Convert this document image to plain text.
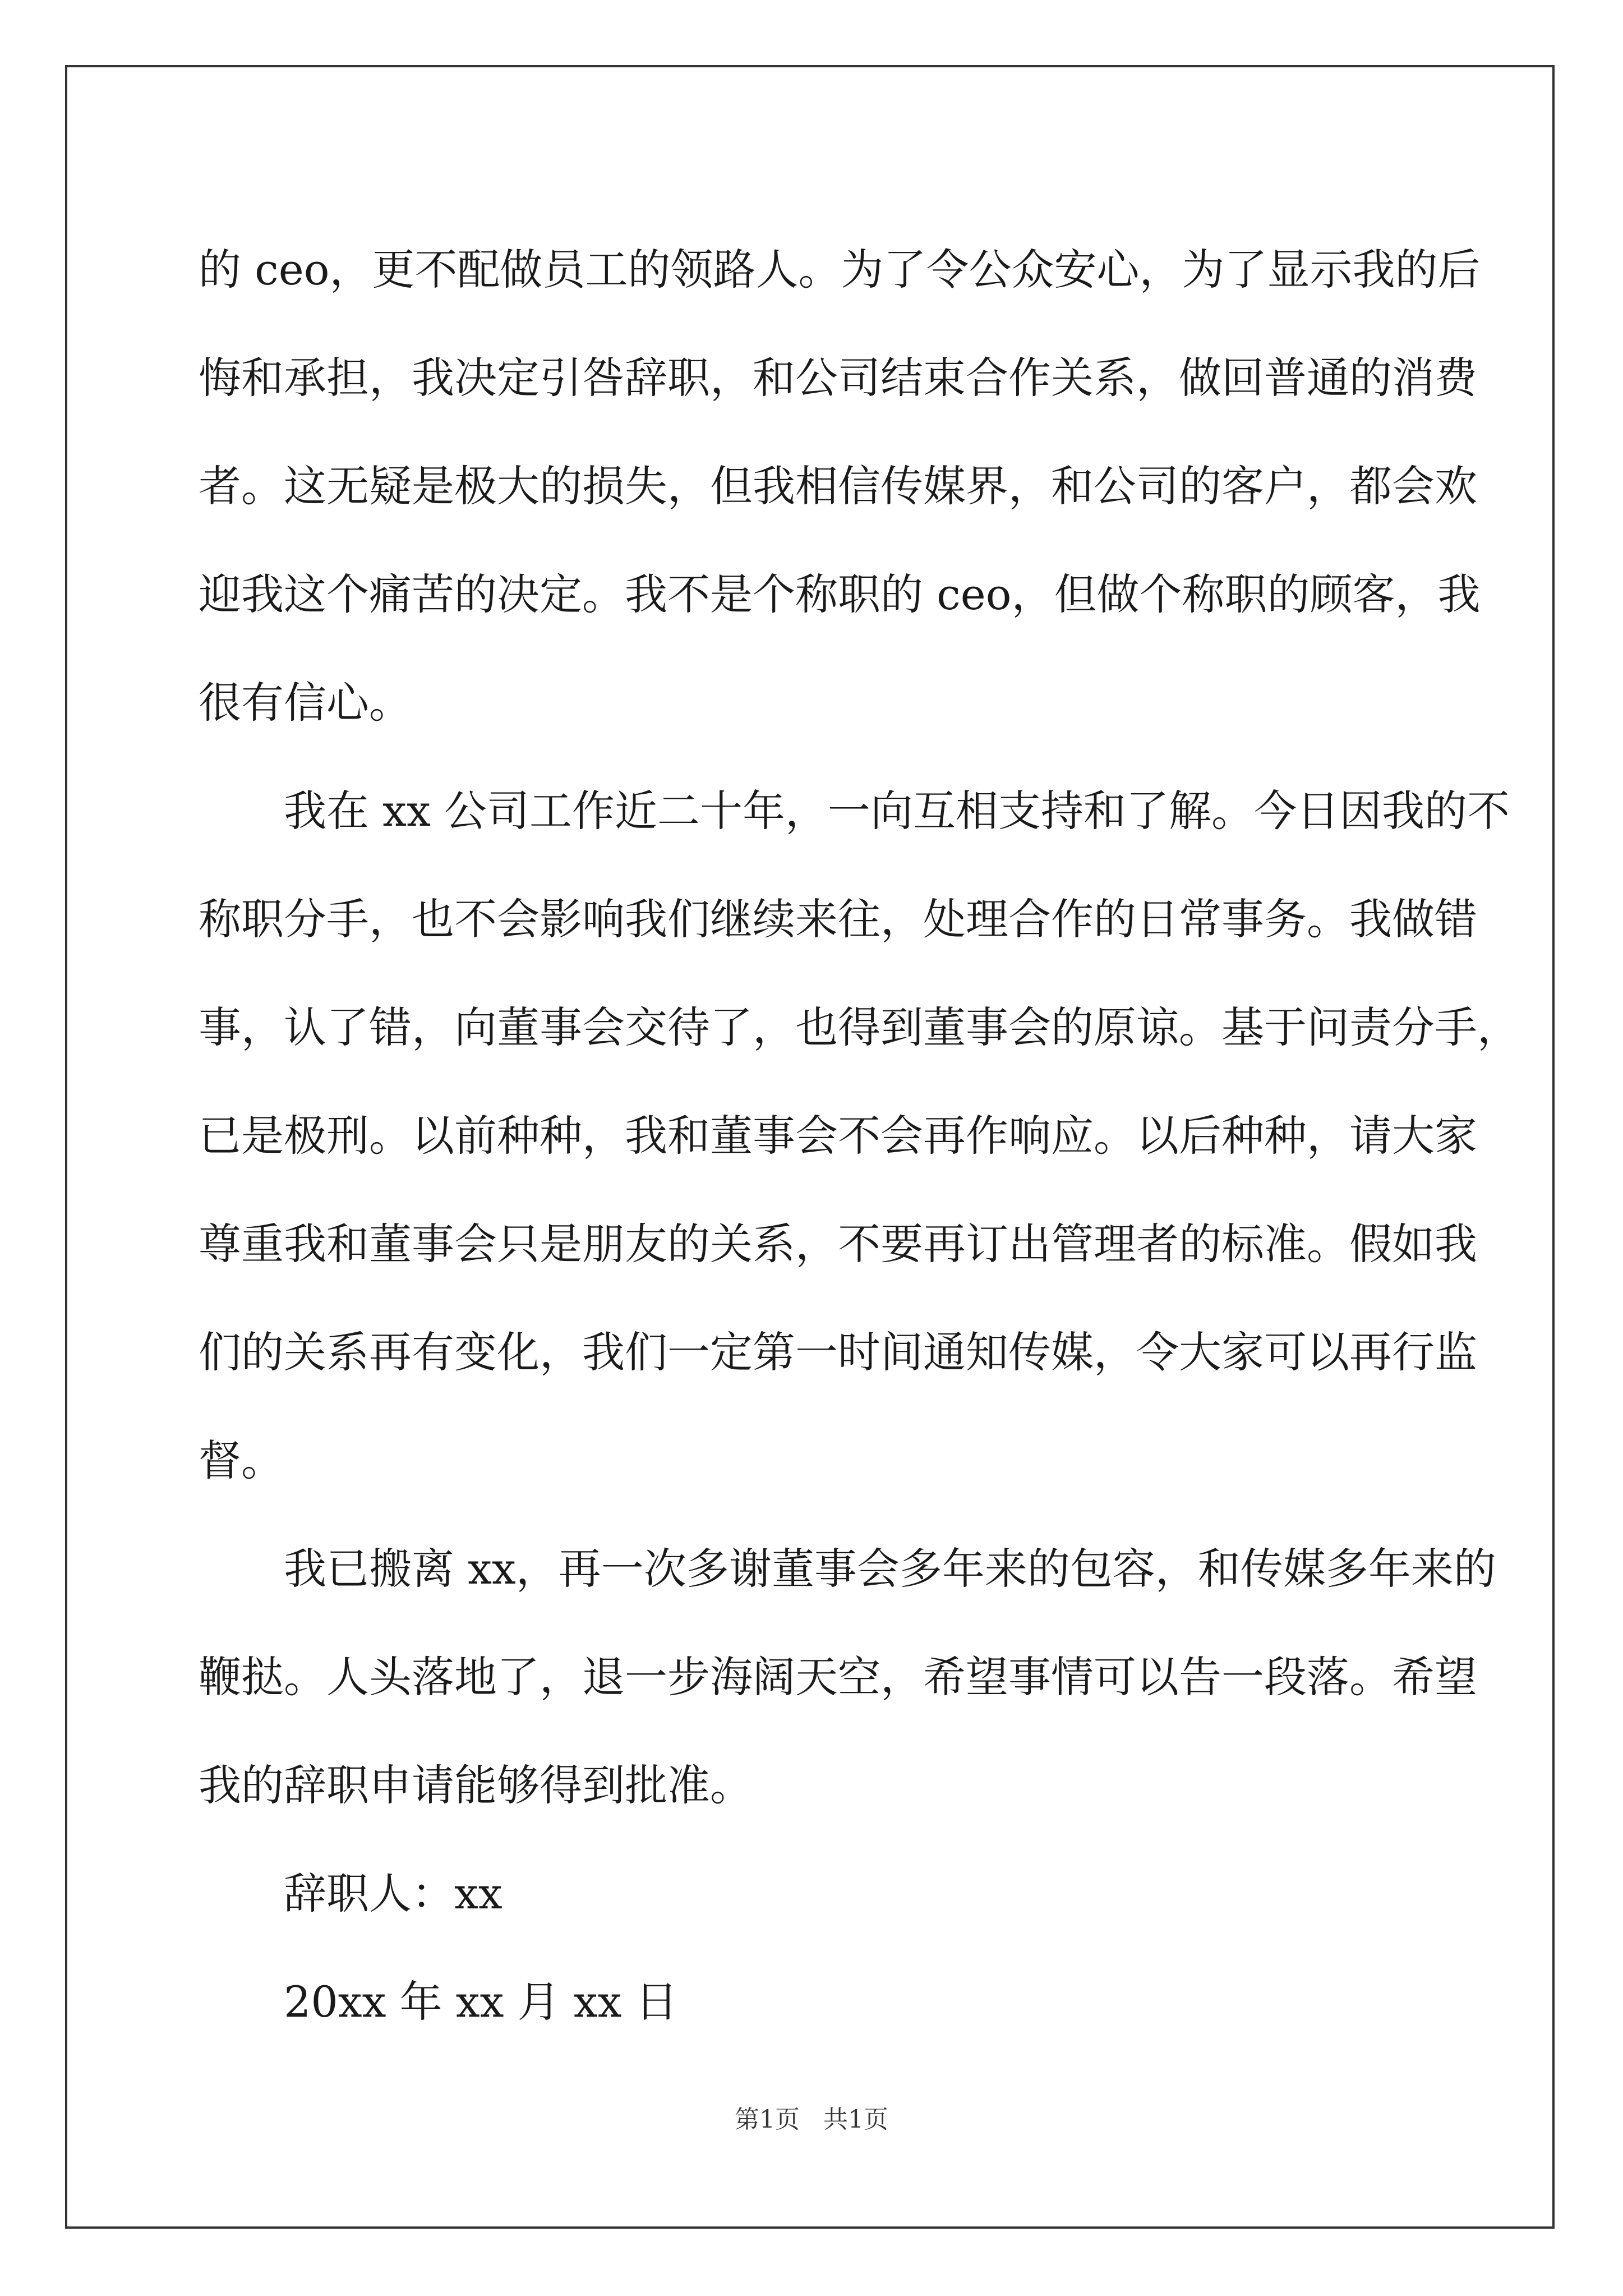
的 ceo，更不配做员工的领路人。为了令公众安心，为了显示我的后
悔和承担，我决定引咎辞职，和公司结束合作关系，做回普通的消费
者。这无疑是极大的损失，但我相信传媒界，和公司的客户，都会欢
迎我这个痛苦的决定。我不是个称职的 ceo，但做个称职的顾客，我
很有信心。

我在 xx 公司工作近二十年，一向互相支持和了解。今日因我的不
称职分手，也不会影响我们继续来往，处理合作的日常事务。我做错
事，认了错，向董事会交待了，也得到董事会的原谅。基于问责分手，
已是极刑。以前种种，我和董事会不会再作响应。以后种种，请大家
尊重我和董事会只是朋友的关系，不要再订出管理者的标准。假如我
们的关系再有变化，我们一定第一时间通知传媒，令大家可以再行监
督。

我已搬离 xx，再一次多谢董事会多年来的包容，和传媒多年来的
鞭挞。人头落地了，退一步海阔天空，希望事情可以告一段落。希望
我的辞职申请能够得到批准。

辞职人：xx

20xx 年 xx 月 xx 日

第1页   共1页
